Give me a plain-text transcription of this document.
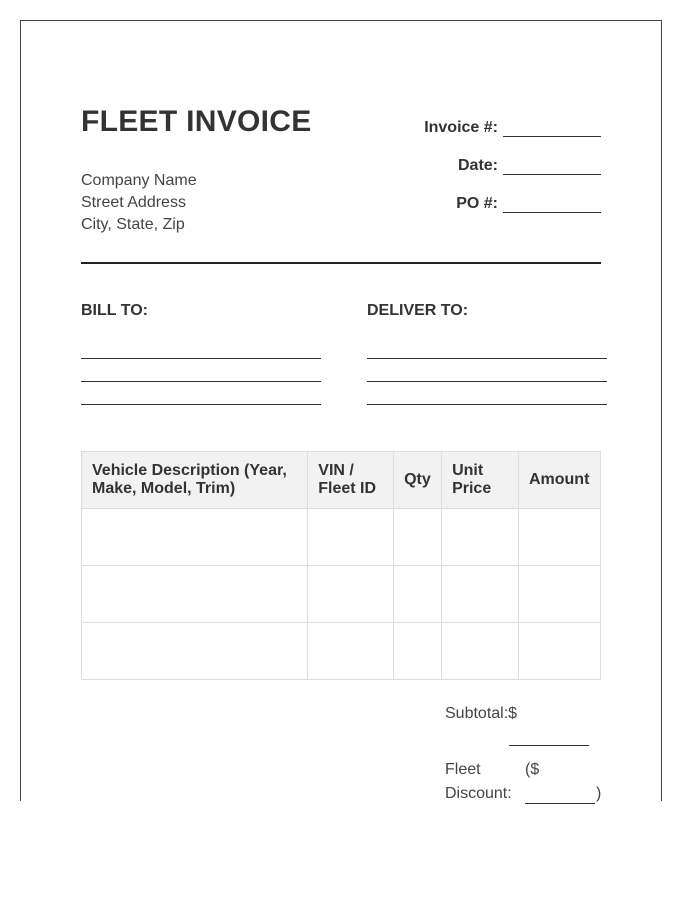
FLEET INVOICE
Company Name
Street Address
City, State, Zip
Invoice #:
Date:
PO #:
BILL TO:	DELIVER TO:
Vehicle Description (Year, Make, Model, Trim)	VIN / Fleet ID	Qty	Unit Price	Amount

Subtotal:$
Fleet
Discount:
($
)
